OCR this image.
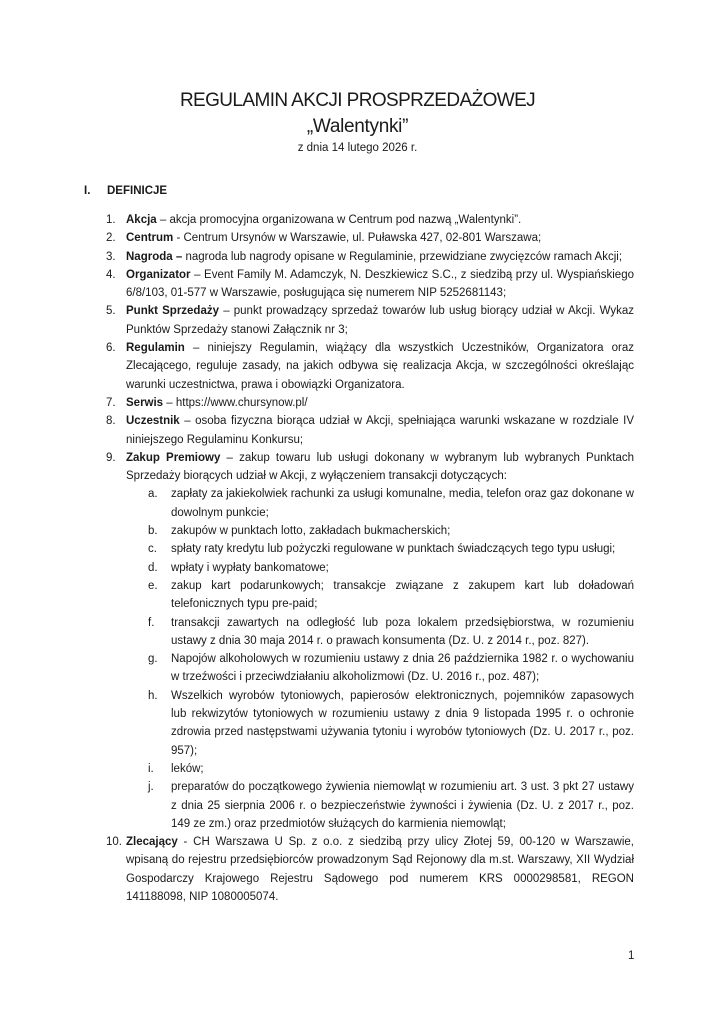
REGULAMIN AKCJI PROSPRZEDAŻOWEJ
„Walentynki”
z dnia 14 lutego 2026 r.
I. DEFINICJE
1. Akcja – akcja promocyjna organizowana w Centrum pod nazwą „Walentynki”.
2. Centrum - Centrum Ursynów w Warszawie, ul. Puławska 427, 02-801 Warszawa;
3. Nagroda – nagroda lub nagrody opisane w Regulaminie, przewidziane zwycięzców ramach Akcji;
4. Organizator – Event Family M. Adamczyk, N. Deszkiewicz S.C., z siedzibą przy ul. Wyspiańskiego 6/8/103, 01-577 w Warszawie, posługująca się numerem NIP 5252681143;
5. Punkt Sprzedaży – punkt prowadzący sprzedaż towarów lub usług biorący udział w Akcji. Wykaz Punktów Sprzedaży stanowi Załącznik nr 3;
6. Regulamin – niniejszy Regulamin, wiążący dla wszystkich Uczestników, Organizatora oraz Zlecającego, reguluje zasady, na jakich odbywa się realizacja Akcja, w szczególności określając warunki uczestnictwa, prawa i obowiązki Organizatora.
7. Serwis – https://www.chursynow.pl/
8. Uczestnik – osoba fizyczna biorąca udział w Akcji, spełniająca warunki wskazane w rozdziale IV niniejszego Regulaminu Konkursu;
9. Zakup Premiowy – zakup towaru lub usługi dokonany w wybranym lub wybranych Punktach Sprzedaży biorących udział w Akcji, z wyłączeniem transakcji dotyczących:
a. zapłaty za jakiekolwiek rachunki za usługi komunalne, media, telefon oraz gaz dokonane w dowolnym punkcie;
b. zakupów w punktach lotto, zakładach bukmacherskich;
c. spłaty raty kredytu lub pożyczki regulowane w punktach świadczących tego typu usługi;
d. wpłaty i wypłaty bankomatowe;
e. zakup kart podarunkowych; transakcje związane z zakupem kart lub doładowań telefonicznych typu pre-paid;
f. transakcji zawartych na odległość lub poza lokalem przedsiębiorstwa, w rozumieniu ustawy z dnia 30 maja 2014 r. o prawach konsumenta (Dz. U. z 2014 r., poz. 827).
g. Napojów alkoholowych w rozumieniu ustawy z dnia 26 października 1982 r. o wychowaniu w trzeźwości i przeciwdziałaniu alkoholizmowi (Dz. U. 2016 r., poz. 487);
h. Wszelkich wyrobów tytoniowych, papierosów elektronicznych, pojemników zapasowych lub rekwizytów tytoniowych w rozumieniu ustawy z dnia 9 listopada 1995 r. o ochronie zdrowia przed następstwami używania tytoniu i wyrobów tytoniowych (Dz. U. 2017 r., poz. 957);
i. leków;
j. preparatów do początkowego żywienia niemowląt w rozumieniu art. 3 ust. 3 pkt 27 ustawy z dnia 25 sierpnia 2006 r. o bezpieczeństwie żywności i żywienia (Dz. U. z 2017 r., poz. 149 ze zm.) oraz przedmiotów służących do karmienia niemowląt;
10. Zlecający - CH Warszawa U Sp. z o.o. z siedzibą przy ulicy Złotej 59, 00-120 w Warszawie, wpisaną do rejestru przedsiębiorców prowadzonym Sąd Rejonowy dla m.st. Warszawy, XII Wydział Gospodarczy Krajowego Rejestru Sądowego pod numerem KRS 0000298581, REGON 141188098, NIP 1080005074.
1
